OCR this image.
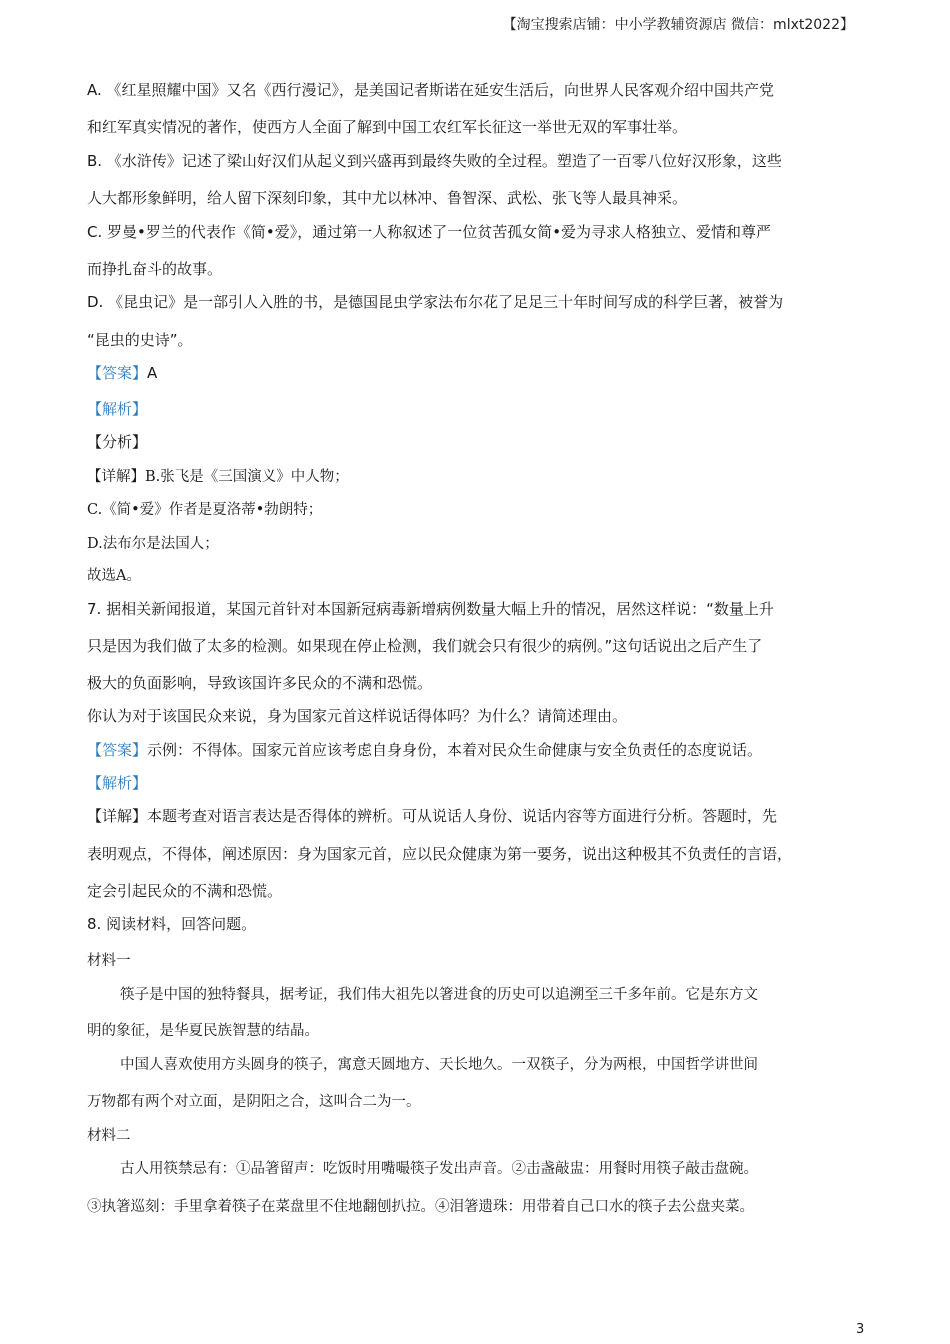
【淘宝搜索店铺：中小学教辅资源店 微信：mlxt2022】
A. 《红星照耀中国》又名《西行漫记》，是美国记者斯诺在延安生活后，向世界人民客观介绍中国共产党
和红军真实情况的著作，使西方人全面了解到中国工农红军长征这一举世无双的军事壮举。
B. 《水浒传》记述了梁山好汉们从起义到兴盛再到最终失败的全过程。塑造了一百零八位好汉形象，这些
人大都形象鲜明，给人留下深刻印象，其中尤以林冲、鲁智深、武松、张飞等人最具神采。
C. 罗曼•罗兰的代表作《简•爱》，通过第一人称叙述了一位贫苦孤女简•爱为寻求人格独立、爱情和尊严
而挣扎奋斗的故事。
D. 《昆虫记》是一部引人入胜的书，是德国昆虫学家法布尔花了足足三十年时间写成的科学巨著，被誉为
“昆虫的史诗”。
【答案】A
【解析】
【分析】
【详解】B.张飞是《三国演义》中人物；
C.《简•爱》作者是夏洛蒂•勃朗特；
D.法布尔是法国人；
故选A。
7. 据相关新闻报道，某国元首针对本国新冠病毒新增病例数量大幅上升的情况，居然这样说：“数量上升
只是因为我们做了太多的检测。如果现在停止检测，我们就会只有很少的病例。”这句话说出之后产生了
极大的负面影响，导致该国许多民众的不满和恐慌。
你认为对于该国民众来说，身为国家元首这样说话得体吗？为什么？请简述理由。
【答案】示例：不得体。国家元首应该考虑自身身份，本着对民众生命健康与安全负责任的态度说话。
【解析】
【详解】本题考查对语言表达是否得体的辨析。可从说话人身份、说话内容等方面进行分析。答题时，先
表明观点，不得体，阐述原因：身为国家元首，应以民众健康为第一要务，说出这种极其不负责任的言语，
定会引起民众的不满和恐慌。
8. 阅读材料，回答问题。
材料一
筷子是中国的独特餐具，据考证，我们伟大祖先以箸进食的历史可以追溯至三千多年前。它是东方文
明的象征，是华夏民族智慧的结晶。
中国人喜欢使用方头圆身的筷子，寓意天圆地方、天长地久。一双筷子，分为两根，中国哲学讲世间
万物都有两个对立面，是阴阳之合，这叫合二为一。
材料二
古人用筷禁忌有：①品箸留声：吃饭时用嘴嘬筷子发出声音。②击盏敲盅：用餐时用筷子敲击盘碗。
③执箸巡刻：手里拿着筷子在菜盘里不住地翻刨扒拉。④泪箸遗珠：用带着自己口水的筷子去公盘夹菜。
3
